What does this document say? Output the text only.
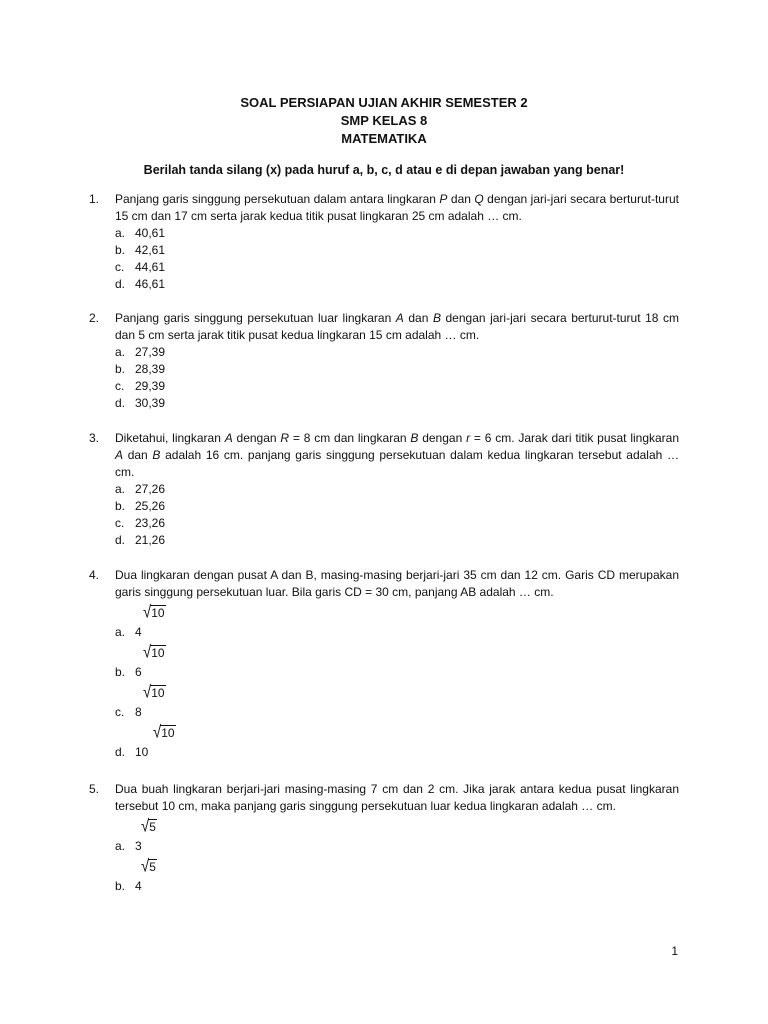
SOAL PERSIAPAN UJIAN AKHIR SEMESTER 2
SMP KELAS 8
MATEMATIKA
Berilah tanda silang (x) pada huruf a, b, c, d atau e di depan jawaban yang benar!
1. Panjang garis singgung persekutuan dalam antara lingkaran P dan Q dengan jari-jari secara berturut-turut 15 cm dan 17 cm serta jarak kedua titik pusat lingkaran 25 cm adalah … cm.
a. 40,61
b. 42,61
c. 44,61
d. 46,61
2. Panjang garis singgung persekutuan luar lingkaran A dan B dengan jari-jari secara berturut-turut 18 cm dan 5 cm serta jarak titik pusat kedua lingkaran 15 cm adalah … cm.
a. 27,39
b. 28,39
c. 29,39
d. 30,39
3. Diketahui, lingkaran A dengan R = 8 cm dan lingkaran B dengan r = 6 cm. Jarak dari titik pusat lingkaran A dan B adalah 16 cm. panjang garis singgung persekutuan dalam kedua lingkaran tersebut adalah … cm.
a. 27,26
b. 25,26
c. 23,26
d. 21,26
4. Dua lingkaran dengan pusat A dan B, masing-masing berjari-jari 35 cm dan 12 cm. Garis CD merupakan garis singgung persekutuan luar. Bila garis CD = 30 cm, panjang AB adalah … cm.
√10
a. 4
√10
b. 6
√10
c. 8
√10
d. 10
5. Dua buah lingkaran berjari-jari masing-masing 7 cm dan 2 cm. Jika jarak antara kedua pusat lingkaran tersebut 10 cm, maka panjang garis singgung persekutuan luar kedua lingkaran adalah … cm.
√5
a. 3
√5
b. 4
1
